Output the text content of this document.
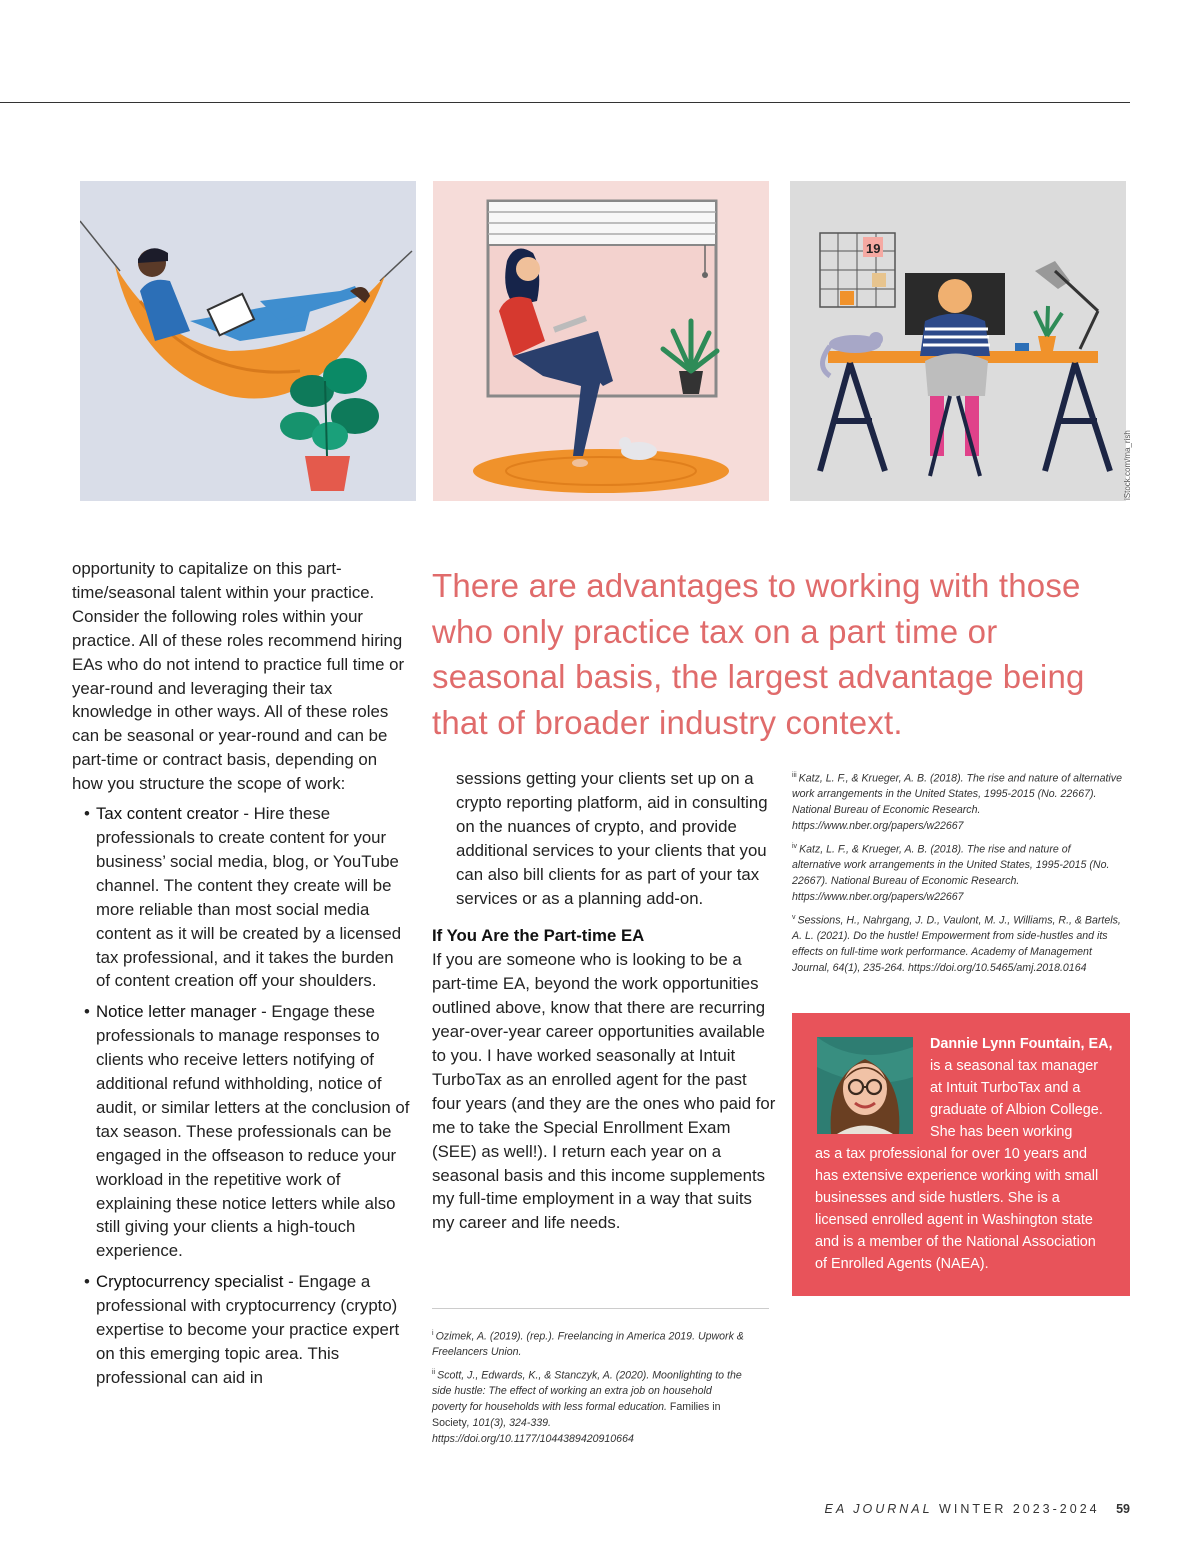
19
iStock.com/ma_rish

opportunity to capitalize on this part-time/seasonal talent within your practice. Consider the following roles within your practice. All of these roles recommend hiring EAs who do not intend to practice full time or year-round and leveraging their tax knowledge in other ways. All of these roles can be seasonal or year-round and can be part-time or contract basis, depending on how you structure the scope of work:

• Tax content creator - Hire these professionals to create content for your business’ social media, blog, or YouTube channel. The content they create will be more reliable than most social media content as it will be created by a licensed tax professional, and it takes the burden of content creation off your shoulders.
• Notice letter manager - Engage these professionals to manage responses to clients who receive letters notifying of additional refund withholding, notice of audit, or similar letters at the conclusion of tax season. These professionals can be engaged in the offseason to reduce your workload in the repetitive work of explaining these notice letters while also still giving your clients a high-touch experience.
• Cryptocurrency specialist - Engage a professional with cryptocurrency (crypto) expertise to become your practice expert on this emerging topic area. This professional can aid in
There are advantages to working with those who only practice tax on a part time or seasonal basis, the largest advantage being that of broader industry context.

sessions getting your clients set up on a crypto reporting platform, aid in consulting on the nuances of crypto, and provide additional services to your clients that you can also bill clients for as part of your tax services or as a planning add-on.

If You Are the Part-time EA

If you are someone who is looking to be a part-time EA, beyond the work opportunities outlined above, know that there are recurring year-over-year career opportunities available to you. I have worked seasonally at Intuit TurboTax as an enrolled agent for the past four years (and they are the ones who paid for me to take the Special Enrollment Exam (SEE) as well!). I return each year on a seasonal basis and this income supplements my full-time employment in a way that suits my career and life needs.

$^i$ Ozimek, A. (2019). (rep.). Freelancing in America 2019. Upwork & Freelancers Union.
$^{ii}$ Scott, J., Edwards, K., & Stanczyk, A. (2020). Moonlighting to the side hustle: The effect of working an extra job on household poverty for households with less formal education. Families in Society, 101(3), 324-339. https://doi.org/10.1177/1044389420910664
$^{iii}$ Katz, L. F., & Krueger, A. B. (2018). The rise and nature of alternative work arrangements in the United States, 1995-2015 (No. 22667). National Bureau of Economic Research. https://www.nber.org/papers/w22667
$^{iv}$ Katz, L. F., & Krueger, A. B. (2018). The rise and nature of alternative work arrangements in the United States, 1995-2015 (No. 22667). National Bureau of Economic Research. https://www.nber.org/papers/w22667
$^v$ Sessions, H., Nahrgang, J. D., Vaulont, M. J., Williams, R., & Bartels, A. L. (2021). Do the hustle! Empowerment from side-hustles and its effects on full-time work performance. Academy of Management Journal, 64(1), 235-264. https://doi.org/10.5465/amj.2018.0164
Dannie Lynn Fountain, EA,
is a seasonal tax manager
at Intuit TurboTax and a
graduate of Albion College.
She has been working
as a tax professional for over 10 years and has extensive experience working with small businesses and side hustlers. She is a licensed enrolled agent in Washington state and is a member of the National Association of Enrolled Agents (NAEA).
EA JOURNAL WINTER 2023-2024 59
